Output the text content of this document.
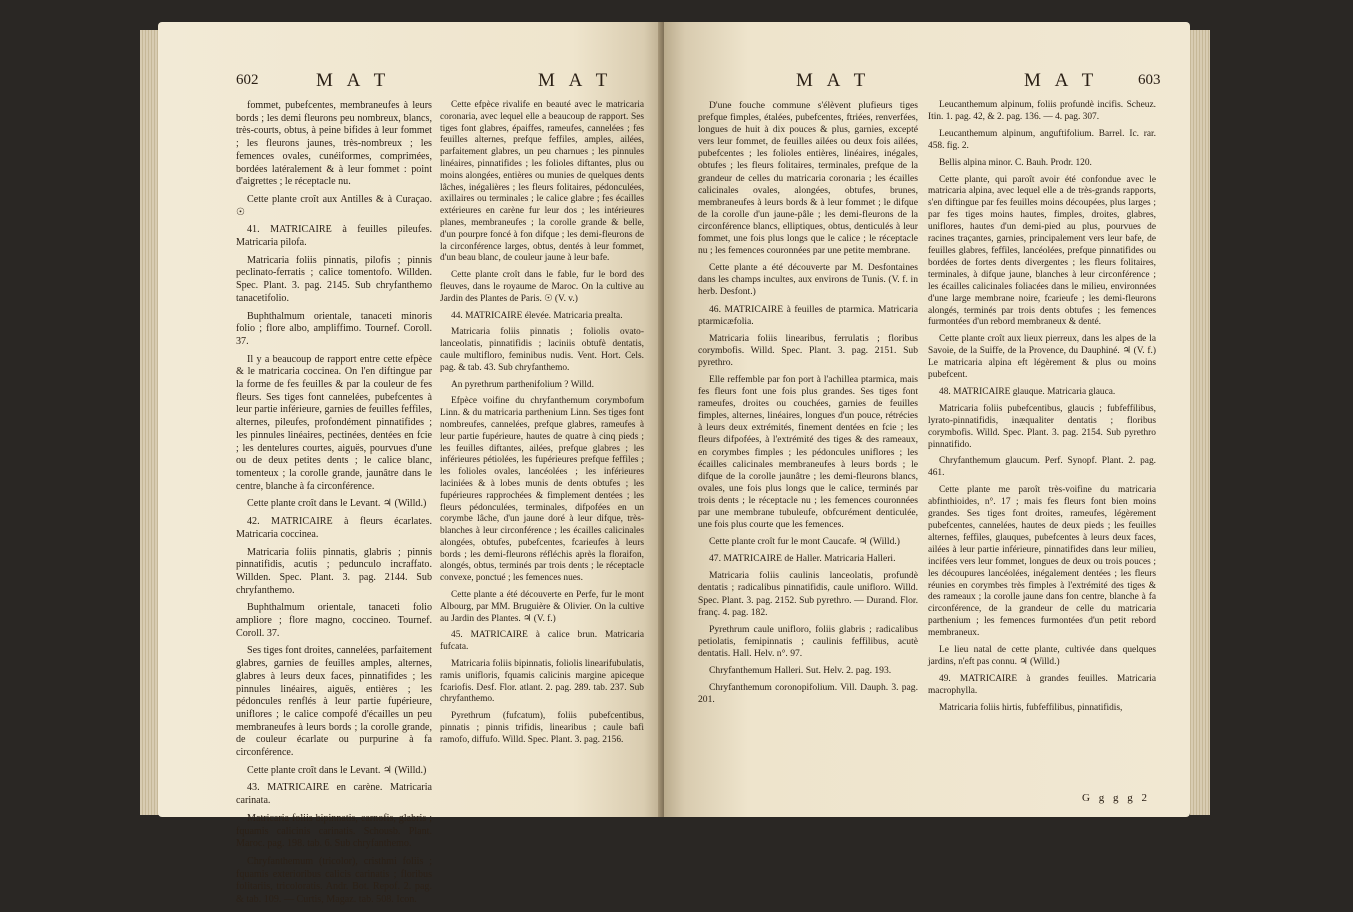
602	M A T	M A T

fommet, pubefcentes, membraneufes à leurs bords ; les demi fleurons peu nombreux, blancs, très-courts, obtus, à peine bifides à leur fommet ; les fleurons jaunes, très-nombreux ; les femences ovales, cunéiformes, comprimées, bordées latéralement & à leur fommet : point d'aigrettes ; le réceptacle nu.

Cette plante croît aux Antilles & à Curaçao. ☉

41. MATRICAIRE à feuilles pileufes. Matricaria pilofa.

Matricaria foliis pinnatis, pilofis ; pinnis peclinato-ferratis ; calice tomentofo. Willden. Spec. Plant. 3. pag. 2145. Sub chryfanthemo tanacetifolio.

Buphthalmum orientale, tanaceti minoris folio ; flore albo, ampliffimo. Tournef. Coroll. 37.

Il y a beaucoup de rapport entre cette efpèce & le matricaria coccinea. On l'en diftingue par la forme de fes feuilles & par la couleur de fes fleurs. Ses tiges font cannelées, pubefcentes à leur partie inférieure, garnies de feuilles feffiles, alternes, pileufes, profondément pinnatifides ; les pinnules linéaires, pectinées, dentées en fcie ; les dentelures courtes, aiguës, pourvues d'une ou de deux petites dents ; le calice blanc, tomenteux ; la corolle grande, jaunâtre dans le centre, blanche à fa circonférence.

Cette plante croît dans le Levant. ♃ (Willd.)

42. MATRICAIRE à fleurs écarlates. Matricaria coccinea.

Matricaria foliis pinnatis, glabris ; pinnis pinnatifidis, acutis ; pedunculo incraffato. Willden. Spec. Plant. 3. pag. 2144. Sub chryfanthemo.

Buphthalmum orientale, tanaceti folio ampliore ; flore magno, coccineo. Tournef. Coroll. 37.

Ses tiges font droites, cannelées, parfaitement glabres, garnies de feuilles amples, alternes, glabres à leurs deux faces, pinnatifides ; les pinnules linéaires, aiguës, entières ; les pédoncules renflés à leur partie fupérieure, uniflores ; le calice compofé d'écailles un peu membraneufes à leurs bords ; la corolle grande, de couleur écarlate ou purpurine à fa circonférence.

Cette plante croît dans le Levant. ♃ (Willd.)

43. MATRICAIRE en carène. Matricaria carinata.

Matricaria foliis bipinnatis, carnofis, glabris ; fquamis calicinis carinatis. Schousb. Plant. Maroc. pag. 198. tab. 6. Sub chryfanthemo.

Chryfanthemum (tricolor), cristhmi foliis ; fquamis exterioribus calicis carinatis ; floribus folitariis, tricoloratis. Andr. Bot. Repof. 2. pag. & tab. 109. — Curtis, Magaz. tab. 508. Icon.

Cette efpèce rivalife en beauté avec le matricaria coronaria, avec lequel elle a beaucoup de rapport. Ses tiges font glabres, épaiffes, rameufes, cannelées ; fes feuilles alternes, prefque feffiles, amples, ailées, parfaitement glabres, un peu charnues ; les pinnules linéaires, pinnatifides ; les folioles diftantes, plus ou moins alongées, entières ou munies de quelques dents lâches, inégalières ; les fleurs folitaires, pédonculées, axillaires ou terminales ; le calice glabre ; fes écailles extérieures en carène fur leur dos ; les intérieures planes, membraneufes ; la corolle grande & belle, d'un pourpre foncé à fon difque ; les demi-fleurons de la circonférence larges, obtus, dentés à leur fommet, d'un beau blanc, de couleur jaune à leur bafe.

Cette plante croît dans le fable, fur le bord des fleuves, dans le royaume de Maroc. On la cultive au Jardin des Plantes de Paris. ☉ (V. v.)

44. MATRICAIRE élevée. Matricaria prealta.

Matricaria foliis pinnatis ; foliolis ovato-lanceolatis, pinnatifidis ; laciniis obtufè dentatis, caule multifloro, feminibus nudis. Vent. Hort. Cels. pag. & tab. 43. Sub chryfanthemo.

An pyrethrum parthenifolium ? Willd.

Efpèce voifine du chryfanthemum corymbofum Linn. & du matricaria parthenium Linn. Ses tiges font nombreufes, cannelées, prefque glabres, rameufes à leur partie fupérieure, hautes de quatre à cinq pieds ; les feuilles diftantes, ailées, prefque glabres ; les inférieures pétiolées, les fupérieures prefque feffiles ; les folioles ovales, lancéolées ; les inférieures laciniées & à lobes munis de dents obtufes ; les fupérieures rapprochées & fimplement dentées ; les fleurs pédonculées, terminales, difpofées en un corymbe lâche, d'un jaune doré à leur difque, très-blanches à leur circonférence ; les écailles calicinales alongées, obtufes, pubefcentes, fcarieufes à leurs bords ; les demi-fleurons réfléchis après la floraifon, alongés, obtus, terminés par trois dents ; le réceptacle convexe, ponctué ; les femences nues.

Cette plante a été découverte en Perfe, fur le mont Albourg, par MM. Bruguière & Olivier. On la cultive au Jardin des Plantes. ♃ (V. f.)

45. MATRICAIRE à calice brun. Matricaria fufcata.

Matricaria foliis bipinnatis, foliolis linearifubulatis, ramis unifloris, fquamis calicinis margine apiceque fcariofis. Desf. Flor. atlant. 2. pag. 289. tab. 237. Sub chryfanthemo.

Pyrethrum (fufcatum), foliis pubefcentibus, pinnatis ; pinnis trifidis, linearibus ; caule bafi ramofo, diffufo. Willd. Spec. Plant. 3. pag. 2156.

M A T	M A T	603

D'une fouche commune s'élèvent plufieurs tiges prefque fimples, étalées, pubefcentes, ftriées, renverfées, longues de huit à dix pouces & plus, garnies, excepté vers leur fommet, de feuilles ailées ou deux fois ailées, pubefcentes ; les folioles entières, linéaires, inégales, obtufes ; les fleurs folitaires, terminales, prefque de la grandeur de celles du matricaria coronaria ; les écailles calicinales ovales, alongées, obtufes, brunes, membraneufes à leurs bords & à leur fommet ; le difque de la corolle d'un jaune-pâle ; les demi-fleurons de la circonférence blancs, elliptiques, obtus, denticulés à leur fommet, une fois plus longs que le calice ; le réceptacle nu ; les femences couronnées par une petite membrane.

Cette plante a été découverte par M. Desfontaines dans les champs incultes, aux environs de Tunis. (V. f. in herb. Desfont.)

46. MATRICAIRE à feuilles de ptarmica. Matricaria ptarmicæfolia.

Matricaria foliis linearibus, ferrulatis ; floribus corymbofis. Willd. Spec. Plant. 3. pag. 2151. Sub pyrethro.

Elle reffemble par fon port à l'achillea ptarmica, mais fes fleurs font une fois plus grandes. Ses tiges font rameufes, droites ou couchées, garnies de feuilles fimples, alternes, linéaires, longues d'un pouce, rétrécies à leurs deux extrémités, finement dentées en fcie ; les fleurs difpofées, à l'extrémité des tiges & des rameaux, en corymbes fimples ; les pédoncules uniflores ; les écailles calicinales membraneufes à leurs bords ; le difque de la corolle jaunâtre ; les demi-fleurons blancs, ovales, une fois plus longs que le calice, terminés par trois dents ; le réceptacle nu ; les femences couronnées par une membrane tubuleufe, obfcurément denticulée, une fois plus courte que les femences.

Cette plante croît fur le mont Caucafe. ♃ (Willd.)

47. MATRICAIRE de Haller. Matricaria Halleri.

Matricaria foliis caulinis lanceolatis, profundè dentatis ; radicalibus pinnatifidis, caule unifloro. Willd. Spec. Plant. 3. pag. 2152. Sub pyrethro. — Durand. Flor. franç. 4. pag. 182.

Pyrethrum caule unifloro, foliis glabris ; radicalibus petiolatis, femipinnatis ; caulinis feffilibus, acutè dentatis. Hall. Helv. n°. 97.

Chryfanthemum Halleri. Sut. Helv. 2. pag. 193.

Chryfanthemum coronopifolium. Vill. Dauph. 3. pag. 201.

Leucanthemum alpinum, foliis profundè incifis. Scheuz. Itin. 1. pag. 42, & 2. pag. 136. — 4. pag. 307.

Leucanthemum alpinum, anguftifolium. Barrel. Ic. rar. 458. fig. 2.

Bellis alpina minor. C. Bauh. Prodr. 120.

Cette plante, qui paroît avoir été confondue avec le matricaria alpina, avec lequel elle a de très-grands rapports, s'en diftingue par fes feuilles moins découpées, plus larges ; par fes tiges moins hautes, fimples, droites, glabres, uniflores, hautes d'un demi-pied au plus, pourvues de racines traçantes, garnies, principalement vers leur bafe, de feuilles glabres, feffiles, lancéolées, prefque pinnatifides ou bordées de fortes dents divergentes ; les fleurs folitaires, terminales, à difque jaune, blanches à leur circonférence ; les écailles calicinales foliacées dans le milieu, environnées d'une large membrane noire, fcarieufe ; les demi-fleurons alongés, terminés par trois dents obtufes ; les femences furmontées d'un rebord membraneux & denté.

Cette plante croît aux lieux pierreux, dans les alpes de la Savoie, de la Suiffe, de la Provence, du Dauphiné. ♃ (V. f.) Le matricaria alpina eft légèrement & plus ou moins pubefcent.

48. MATRICAIRE glauque. Matricaria glauca.

Matricaria foliis pubefcentibus, glaucis ; fubfeffilibus, lyrato-pinnatifidis, inæqualiter dentatis ; floribus corymbofis. Willd. Spec. Plant. 3. pag. 2154. Sub pyrethro pinnatifido.

Chryfanthemum glaucum. Perf. Synopf. Plant. 2. pag. 461.

Cette plante me paroît très-voifine du matricaria abfinthioides, n°. 17 ; mais fes fleurs font bien moins grandes. Ses tiges font droites, rameufes, légèrement pubefcentes, cannelées, hautes de deux pieds ; les feuilles alternes, feffiles, glauques, pubefcentes à leurs deux faces, ailées à leur partie inférieure, pinnatifides dans leur milieu, incifées vers leur fommet, longues de deux ou trois pouces ; les découpures lancéolées, inégalement dentées ; les fleurs réunies en corymbes très fimples à l'extrémité des tiges & des rameaux ; la corolle jaune dans fon centre, blanche à fa circonférence, de la grandeur de celle du matricaria parthenium ; les femences furmontées d'un petit rebord membraneux.

Le lieu natal de cette plante, cultivée dans quelques jardins, n'eft pas connu. ♃ (Willd.)

49. MATRICAIRE à grandes feuilles. Matricaria macrophylla.

Matricaria foliis hirtis, fubfeffilibus, pinnatifidis,

G g g g 2
